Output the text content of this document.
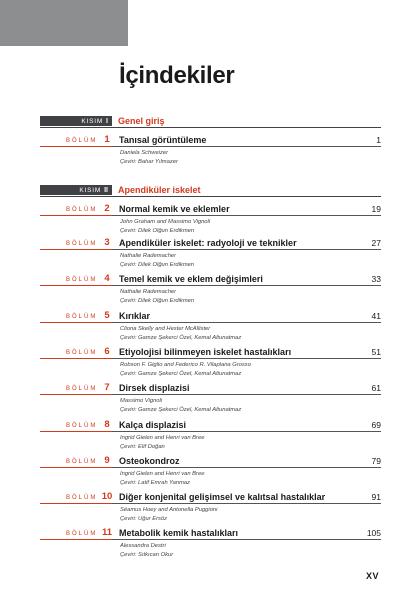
İçindekiler
KISIM I Genel giriş
BÖLÜM 1	Tanısal görüntüleme	1
Daniela Schweizer
Çeviri: Bahar Yılmazer
KISIM II Apendiküler iskelet
BÖLÜM 2	Normal kemik ve eklemler	19
John Graham and Massimo Vignoli
Çeviri: Dilek Olğun Erdikmen
BÖLÜM 3	Apendiküler iskelet: radyoloji ve teknikler	27
Nathalie Rademacher
Çeviri: Dilek Olğun Erdikmen
BÖLÜM 4	Temel kemik ve eklem değişimleri	33
Nathalie Rademacher
Çeviri: Dilek Olğun Erdikmen
BÖLÜM 5	Kırıklar	41
Cliona Skelly and Hester McAllister
Çeviri: Gamze Şekerci Özel, Kemal Altunatmaz
BÖLÜM 6	Etiyolojisi bilinmeyen iskelet hastalıkları	51
Robson F. Giglio and Federico R. Vilaplana Grosso
Çeviri: Gamze Şekerci Özel, Kemal Altunatmaz
BÖLÜM 7	Dirsek displazisi	61
Massimo Vignoli
Çeviri: Gamze Şekerci Özel, Kemal Altunatmaz
BÖLÜM 8	Kalça displazisi	69
Ingrid Gielen and Henri van Bree
Çeviri: Elif Doğan
BÖLÜM 9	Osteokondroz	79
Ingrid Gielen and Henri van Bree
Çeviri: Latif Emrah Yanmaz
BÖLÜM 10 Diğer konjenital gelişimsel ve kalıtsal hastalıklar	91
Séamus Hoey and Antonella Puggioni
Çeviri: Uğur Ersöz
BÖLÜM 11 Metabolik kemik hastalıkları	105
Alessandra Destri
Çeviri: Sıtkıcan Okur
XV
